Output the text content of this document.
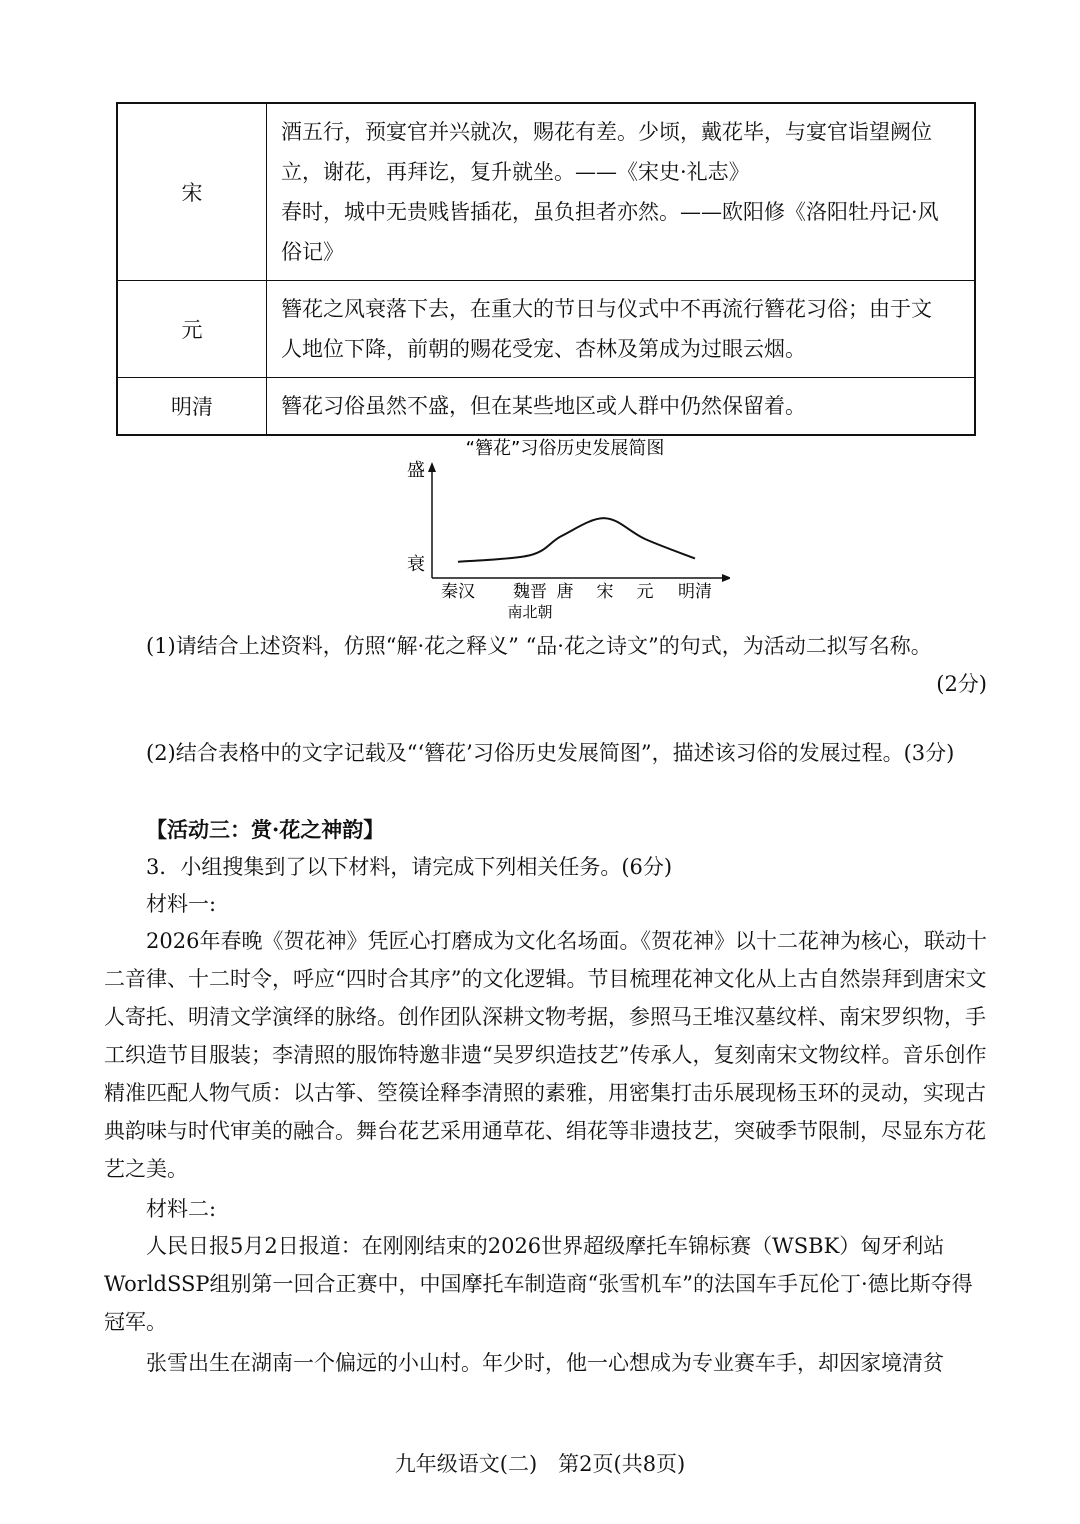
宋	酒五行，预宴官并兴就次，赐花有差。少顷，戴花毕，与宴官诣望阙位
立，谢花，再拜讫，复升就坐。——《宋史·礼志》
春时，城中无贵贱皆插花，虽负担者亦然。——欧阳修《洛阳牡丹记·风
俗记》

元	簪花之风衰落下去，在重大的节日与仪式中不再流行簪花习俗；由于文
人地位下降，前朝的赐花受宠、杏林及第成为过眼云烟。

明清	簪花习俗虽然不盛，但在某些地区或人群中仍然保留着。
“簪花”习俗历史发展简图
盛
衰
秦汉 魏晋
南北朝
唐 宋 元 明清

(1)请结合上述资料，仿照“解·花之释义” “品·花之诗文”的句式，为活动二拟写名称。

(2分)

(2)结合表格中的文字记载及“‘簪花’习俗历史发展简图”，描述该习俗的发展过程。(3分)

【活动三：赏·花之神韵】

3．小组搜集到了以下材料，请完成下列相关任务。(6分)

材料一:

2026年春晚《贺花神》凭匠心打磨成为文化名场面。《贺花神》以十二花神为核心，联动十二音律、十二时令，呼应“四时合其序”的文化逻辑。节目梳理花神文化从上古自然崇拜到唐宋文人寄托、明清文学演绎的脉络。创作团队深耕文物考据，参照马王堆汉墓纹样、南宋罗织物，手工织造节目服装；李清照的服饰特邀非遗“吴罗织造技艺”传承人，复刻南宋文物纹样。音乐创作精准匹配人物气质：以古筝、箜篌诠释李清照的素雅，用密集打击乐展现杨玉环的灵动，实现古典韵味与时代审美的融合。舞台花艺采用通草花、绢花等非遗技艺，突破季节限制，尽显东方花艺之美。

材料二:

人民日报5月2日报道：在刚刚结束的2026世界超级摩托车锦标赛（WSBK）匈牙利站WorldSSP组别第一回合正赛中，中国摩托车制造商“张雪机车”的法国车手瓦伦丁·德比斯夺得冠军。

张雪出生在湖南一个偏远的小山村。年少时，他一心想成为专业赛车手，却因家境清贫

九年级语文(二)　第2页(共8页)
